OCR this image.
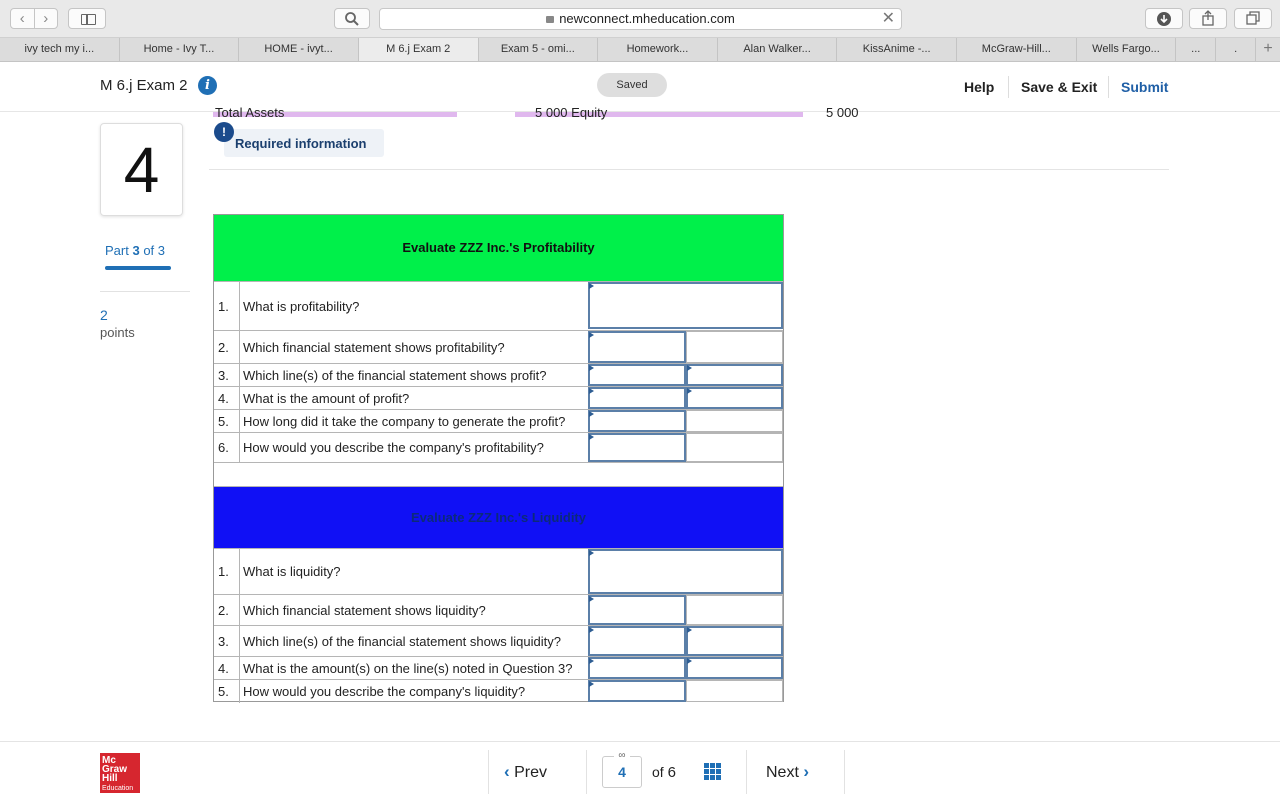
‹	›	newconnect.mheducation.com	✕
ivy tech my i...	Home - Ivy T...	HOME - ivyt...	M 6.j Exam 2	Exam 5 - omi...	Homework...	Alan Walker...	KissAnime -...	McGraw-Hill...	Wells Fargo...	...	.	+
M 6.j Exam 2	i	Saved	Help Save & Exit Submit
4
Part 3 of 3
2
points
Total Assets	5 000 Equity	5 000
Required information
!
Evaluate ZZZ Inc.'s Profitability
1. What is profitability?
2. Which financial statement shows profitability?
3. Which line(s) of the financial statement shows profit?
4. What is the amount of profit?
5. How long did it take the company to generate the profit?
6. How would you describe the company's profitability?
Evaluate ZZZ Inc.'s Liquidity
1. What is liquidity?
2. Which financial statement shows liquidity?
3. Which line(s) of the financial statement shows liquidity?
4. What is the amount(s) on the line(s) noted in Question 3?
5. How would you describe the company's liquidity?
Mc
Graw
Hill
Education
‹ Prev	4
∞
of 6	Next ›
